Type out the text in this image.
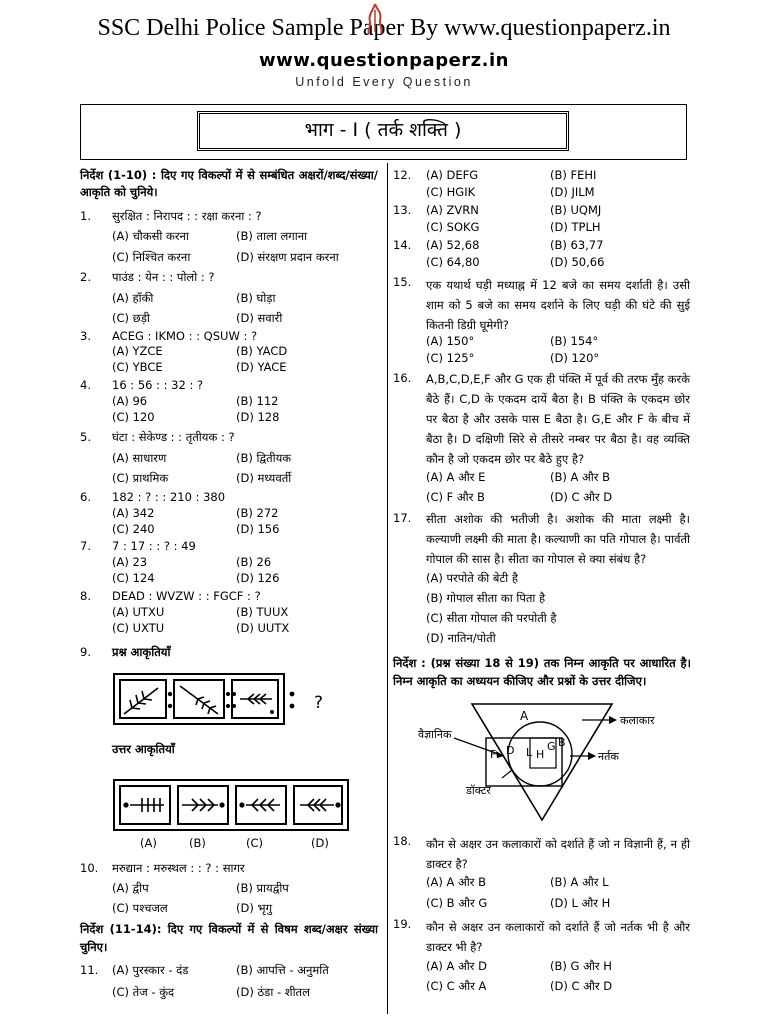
SSC Delhi Police Sample Paper By www.questionpaperz.in
www.questionpaperz.in
Unfold Every Question
भाग - I ( तर्क शक्ति )
निर्देश (1-10) : दिए गए विकल्पों में से सम्बंधित अक्षरों/शब्द/संख्या/ आकृति को चुनिये।
1. सुरक्षित : निरापद : : रक्षा करना : ?
(A) चौकसी करना	(B) ताला लगाना
(C) निश्चित करना	(D) संरक्षण प्रदान करना
2. पाउंड : येन : : पोलो : ?
(A) हॉकी	(B) घोड़ा
(C) छड़ी	(D) सवारी
3. ACEG : IKMO : : QSUW : ?
(A) YZCE	(B) YACD
(C) YBCE	(D) YACE
4. 16 : 56 : : 32 : ?
(A) 96	(B) 112
(C) 120	(D) 128
5. घंटा : सेकेण्ड : : तृतीयक : ?
(A) साधारण	(B) द्वितीयक
(C) प्राथमिक	(D) मध्यवर्ती
6. 182 : ? : : 210 : 380
(A) 342	(B) 272
(C) 240	(D) 156
7. 7 : 17 : : ? : 49
(A) 23	(B) 26
(C) 124	(D) 126
8. DEAD : WVZW : : FGCF : ?
(A) UTXU	(B) TUUX
(C) UXTU	(D) UUTX
9. प्रश्न आकृतियाँ
?
उत्तर आकृतियाँ
(A)	(B)	(C)	(D)
10. मरुद्यान : मरुस्थल : : ? : सागर
(A) द्वीप	(B) प्रायद्वीप
(C) पश्चजल	(D) भृगु
निर्देश (11-14): दिए गए विकल्पों में से विषम शब्द/अक्षर संख्या चुनिए।
11. (A) पुरस्कार - दंड	(B) आपत्ति - अनुमति
(C) तेज - कुंद	(D) ठंडा - शीतल
12. (A) DEFG	(B) FEHI
(C) HGIK	(D) JILM
13. (A) ZVRN	(B) UQMJ
(C) SOKG	(D) TPLH
14. (A) 52,68	(B) 63,77
(C) 64,80	(D) 50,66
15. एक यथार्थ घड़ी मध्याह्न में 12 बजे का समय दर्शाती है। उसी शाम को 5 बजे का समय दर्शाने के लिए घड़ी की घंटे की सुई कितनी डिग्री घूमेगी?
(A) 150°	(B) 154°
(C) 125°	(D) 120°
16. A,B,C,D,E,F और G एक ही पंक्ति में पूर्व की तरफ मुँह करके बैठे हैं। C,D के एकदम दायें बैठा है। B पंक्ति के एकदम छोर पर बैठा है और उसके पास E बैठा है। G,E और F के बीच में बैठा है। D दक्षिणी सिरे से तीसरे नम्बर पर बैठा है। वह व्यक्ति कौन है जो एकदम छोर पर बैठे हुए है?
(A) A और E	(B) A और B
(C) F और B	(D) C और D
17. सीता अशोक की भतीजी है। अशोक की माता लक्ष्मी है। कल्याणी लक्ष्मी की माता है। कल्याणी का पति गोपाल है। पार्वती गोपाल की सास है। सीता का गोपाल से क्या संबंध है?
(A) परपोते की बेटी है
(B) गोपाल सीता का पिता है
(C) सीता गोपाल की परपोती है
(D) नातिन/पोती
निर्देश : (प्रश्न संख्या 18 से 19) तक निम्न आकृति पर आधारित है। निम्न आकृति का अध्ययन कीजिए और प्रश्नों के उत्तर दीजिए।
A
B
G
H
L
D
F
कलाकार
वैज्ञानिक
नर्तक
डॉक्टर
18. कौन से अक्षर उन कलाकारों को दर्शाते हैं जो न विज्ञानी हैं, न ही डाक्टर है?
(A) A और B	(B) A और L
(C) B और G	(D) L और H
19. कौन से अक्षर उन कलाकारों को दर्शाते हैं जो नर्तक भी है और डाक्टर भी है?
(A) A और D	(B) G और H
(C) C और A	(D) C और D
